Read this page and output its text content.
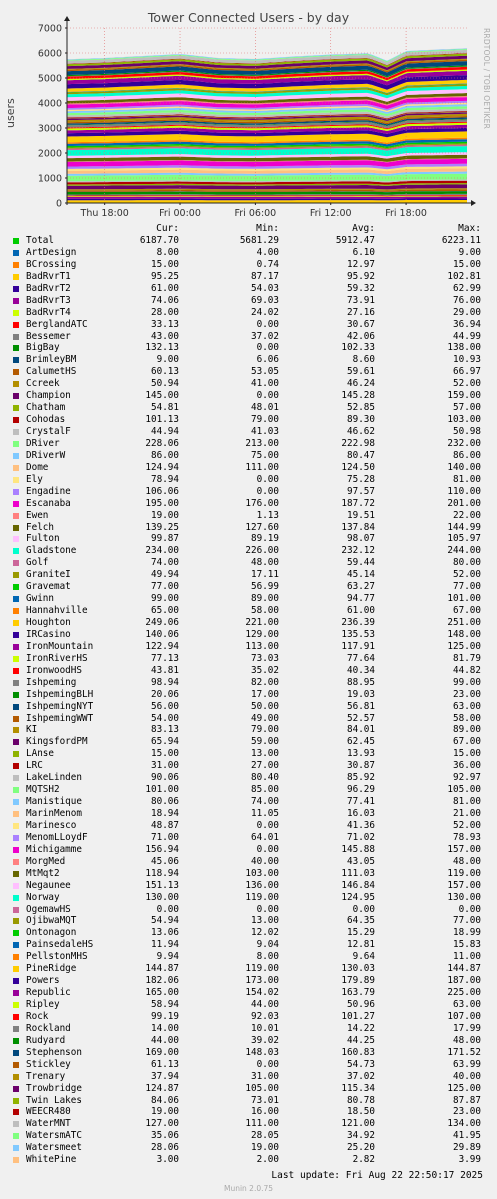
Tower Connected Users - by day
users	RRDTOOL / TOBI OETIKER
0
1000
2000
3000
4000
5000
6000
7000
Thu 18:00	Fri 00:00	Fri 06:00	Fri 12:00	Fri 18:00
Cur:	Min:	Avg:	Max:
Total	6187.70	5681.29	5912.47	6223.11
ArtDesign	8.00	4.00	6.10	9.00
BCrossing	15.00	0.74	12.97	15.00
BadRvrT1	95.25	87.17	95.92	102.81
BadRvrT2	61.00	54.03	59.32	62.99
BadRvrT3	74.06	69.03	73.91	76.00
BadRvrT4	28.00	24.02	27.16	29.00
BerglandATC	33.13	0.00	30.67	36.94
Bessemer	43.00	37.02	42.06	44.99
BigBay	132.13	0.00	102.33	138.00
BrimleyBM	9.00	6.06	8.60	10.93
CalumetHS	60.13	53.05	59.61	66.97
Ccreek	50.94	41.00	46.24	52.00
Champion	145.00	0.00	145.28	159.00
Chatham	54.81	48.01	52.85	57.00
Cohodas	101.13	79.00	89.30	103.00
CrystalF	44.94	41.03	46.62	50.98
DRiver	228.06	213.00	222.98	232.00
DRiverW	86.00	75.00	80.47	86.00
Dome	124.94	111.00	124.50	140.00
Ely	78.94	0.00	75.28	81.00
Engadine	106.06	0.00	97.57	110.00
Escanaba	195.00	176.00	187.72	201.00
Ewen	19.00	1.13	19.51	22.00
Felch	139.25	127.60	137.84	144.99
Fulton	99.87	89.19	98.07	105.97
Gladstone	234.00	226.00	232.12	244.00
Golf	74.00	48.00	59.44	80.00
GraniteI	49.94	17.11	45.14	52.00
Gravemat	77.00	56.99	63.27	77.00
Gwinn	99.00	89.00	94.77	101.00
Hannahville	65.00	58.00	61.00	67.00
Houghton	249.06	221.00	236.39	251.00
IRCasino	140.06	129.00	135.53	148.00
IronMountain	122.94	113.00	117.91	125.00
IronRiverHS	77.13	73.03	77.64	81.79
IronwoodHS	43.81	35.02	40.34	44.82
Ishpeming	98.94	82.00	88.95	99.00
IshpemingBLH	20.06	17.00	19.03	23.00
IshpemingNYT	56.00	50.00	56.81	63.00
IshpemingWWT	54.00	49.00	52.57	58.00
KI	83.13	79.00	84.01	89.00
KingsfordPM	65.94	59.00	62.45	67.00
LAnse	15.00	13.00	13.93	15.00
LRC	31.00	27.00	30.87	36.00
LakeLinden	90.06	80.40	85.92	92.97
MQTSH2	101.00	85.00	96.29	105.00
Manistique	80.06	74.00	77.41	81.00
MarinMenom	18.94	11.05	16.03	21.00
Marinesco	48.87	0.00	41.36	52.00
MenomLLoydF	71.00	64.01	71.02	78.93
Michigamme	156.94	0.00	145.88	157.00
MorgMed	45.06	40.00	43.05	48.00
MtMqt2	118.94	103.00	111.03	119.00
Negaunee	151.13	136.00	146.84	157.00
Norway	130.00	119.00	124.95	130.00
OgemawHS	0.00	0.00	0.00	0.00
OjibwaMQT	54.94	13.00	64.35	77.00
Ontonagon	13.06	12.02	15.29	18.99
PainsedaleHS	11.94	9.04	12.81	15.83
PellstonMHS	9.94	8.00	9.64	11.00
PineRidge	144.87	119.00	130.03	144.87
Powers	182.06	173.00	179.89	187.00
Republic	165.00	154.02	163.79	225.00
Ripley	58.94	44.00	50.96	63.00
Rock	99.19	92.03	101.27	107.00
Rockland	14.00	10.01	14.22	17.99
Rudyard	44.00	39.02	44.25	48.00
Stephenson	169.00	148.03	160.83	171.52
Stickley	61.13	0.00	54.73	63.99
Trenary	37.94	31.00	37.02	40.00
Trowbridge	124.87	105.00	115.34	125.00
Twin Lakes	84.06	73.01	80.78	87.87
WEECR480	19.00	16.00	18.50	23.00
WaterMNT	127.00	111.00	121.00	134.00
WatersmATC	35.06	28.05	34.92	41.95
Watersmeet	28.06	19.00	25.20	29.89
WhitePine	3.00	2.00	2.82	3.99
Last update: Fri Aug 22 22:50:17 2025
Munin 2.0.75
